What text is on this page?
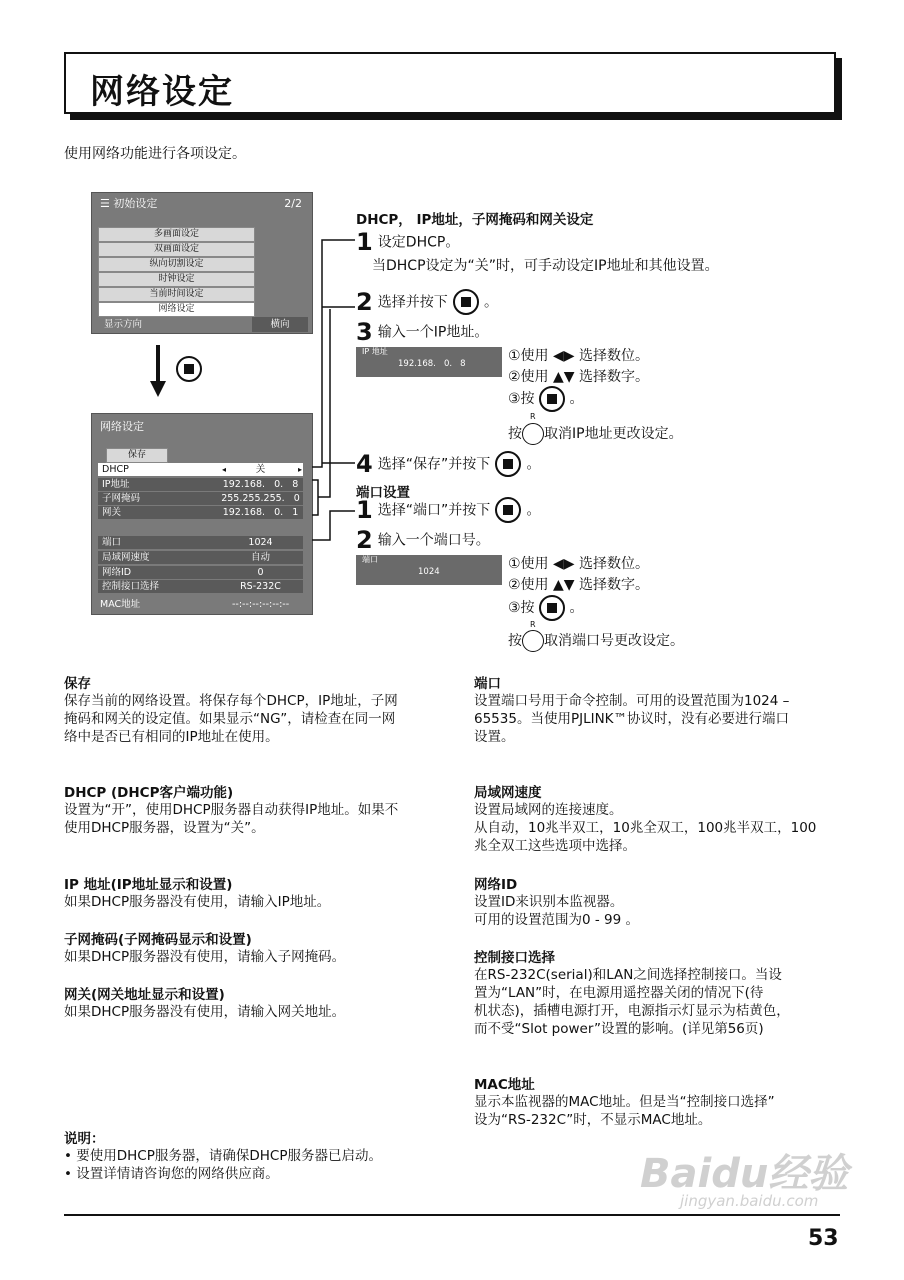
网络设定
使用网络功能进行各项设定。
☰ 初始设定	2/2
多画面设定
双画面设定
纵向切割设定
时钟设定
当前时间设定
网络设定
显示方向	横向
网络设定
保存
DHCP	◂	关	▸
IP地址	192.168.   0.   8
子网掩码	255.255.255.   0
网关	192.168.   0.   1
端口	1024
局域网速度	自动
网络ID	0
控制接口选择	RS-232C
MAC地址	--:--:--:--:--:--
DHCP， IP地址，子网掩码和网关设定
1 设定DHCP。
当DHCP设定为“关”时，可手动设定IP地址和其他设置。
2 选择并按下	。
3 输入一个IP地址。
IP 地址
192.168.   0.   8	①使用 ◀▶ 选择数位。
②使用 ▲▼ 选择数字。
③按 。
R
按 取消IP地址更改设定。
4 选择“保存”并按下	。
端口设置
1 选择“端口”并按下	。
2 输入一个端口号。
端口
1024	①使用 ◀▶ 选择数位。
②使用 ▲▼ 选择数字。
③按 。
R
按 取消端口号更改设定。
保存
保存当前的网络设置。将保存每个DHCP，IP地址，子网
掩码和网关的设定值。如果显示“NG”，请检查在同一网
络中是否已有相同的IP地址在使用。
DHCP (DHCP客户端功能)
设置为“开”，使用DHCP服务器自动获得IP地址。如果不
使用DHCP服务器，设置为“关”。
IP 地址(IP地址显示和设置)
如果DHCP服务器没有使用，请输入IP地址。
子网掩码(子网掩码显示和设置)
如果DHCP服务器没有使用，请输入子网掩码。
网关(网关地址显示和设置)
如果DHCP服务器没有使用，请输入网关地址。
端口
设置端口号用于命令控制。可用的设置范围为1024 –
65535。当使用PJLINK™协议时，没有必要进行端口
设置。
局域网速度
设置局域网的连接速度。
从自动，10兆半双工，10兆全双工，100兆半双工，100
兆全双工这些选项中选择。
网络ID
设置ID来识别本监视器。
可用的设置范围为0 - 99 。
控制接口选择
在RS-232C(serial)和LAN之间选择控制接口。当设
置为“LAN”时，在电源用遥控器关闭的情况下(待
机状态)，插槽电源打开，电源指示灯显示为桔黄色，
而不受“Slot power”设置的影响。(详见第56页)
MAC地址
显示本监视器的MAC地址。但是当“控制接口选择”
设为“RS-232C”时，不显示MAC地址。
说明：
• 要使用DHCP服务器，请确保DHCP服务器已启动。
• 设置详情请咨询您的网络供应商。	Baidu经验
jingyan.baidu.com
53
